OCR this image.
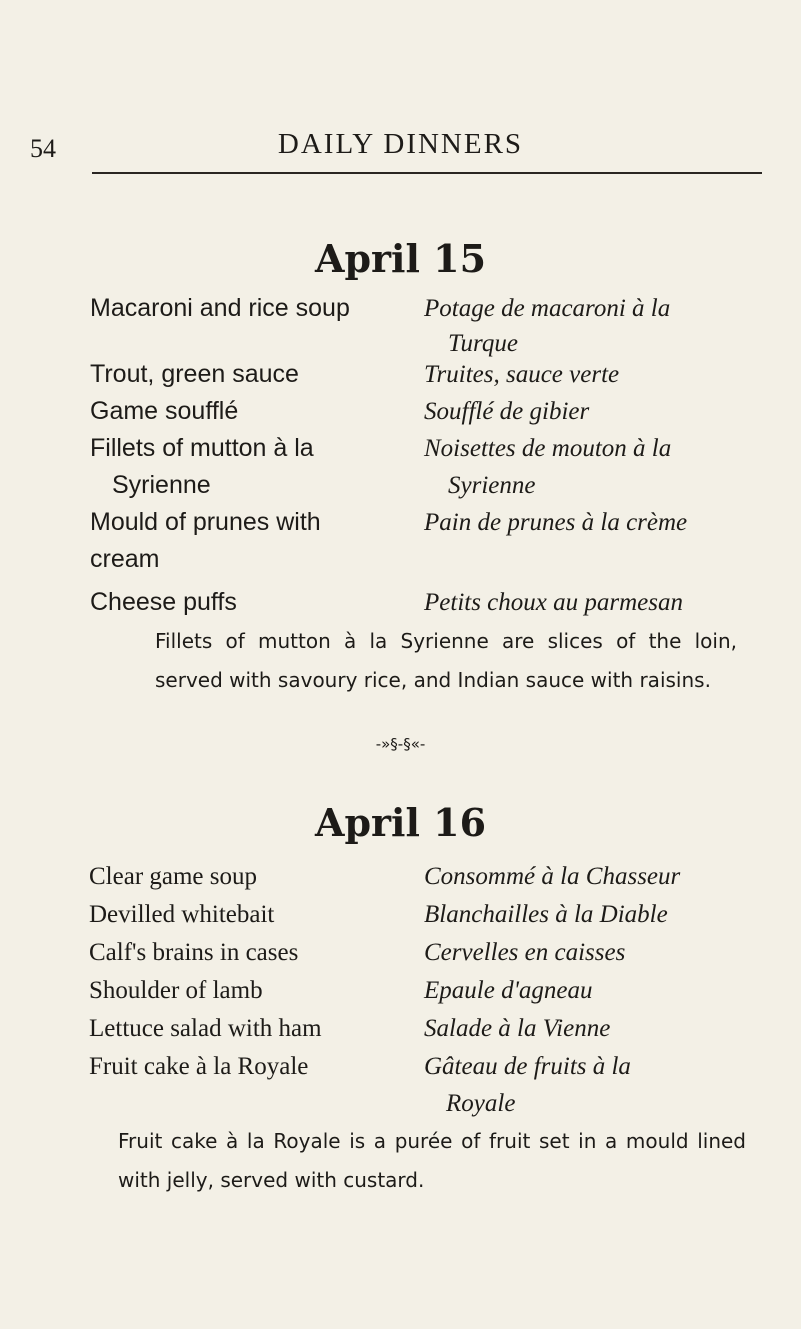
54	DAILY DINNERS
April 15
Macaroni and rice soup
Trout, green sauce
Game soufflé
Fillets of mutton à la
Syrienne
Mould of prunes with
cream
Cheese puffs
Potage de macaroni à la
Turque
Truites, sauce verte
Soufflé de gibier
Noisettes de mouton à la
Syrienne
Pain de prunes à la crème
Petits choux au parmesan
Fillets of mutton à la Syrienne are slices of the loin, served with savoury rice, and Indian sauce with raisins.
-»§-§«-
April 16
Clear game soup
Devilled whitebait
Calf's brains in cases
Shoulder of lamb
Lettuce salad with ham
Fruit cake à la Royale
Consommé à la Chasseur
Blanchailles à la Diable
Cervelles en caisses
Epaule d'agneau
Salade à la Vienne
Gâteau de fruits à la
Royale
Fruit cake à la Royale is a purée of fruit set in a mould lined with jelly, served with custard.
